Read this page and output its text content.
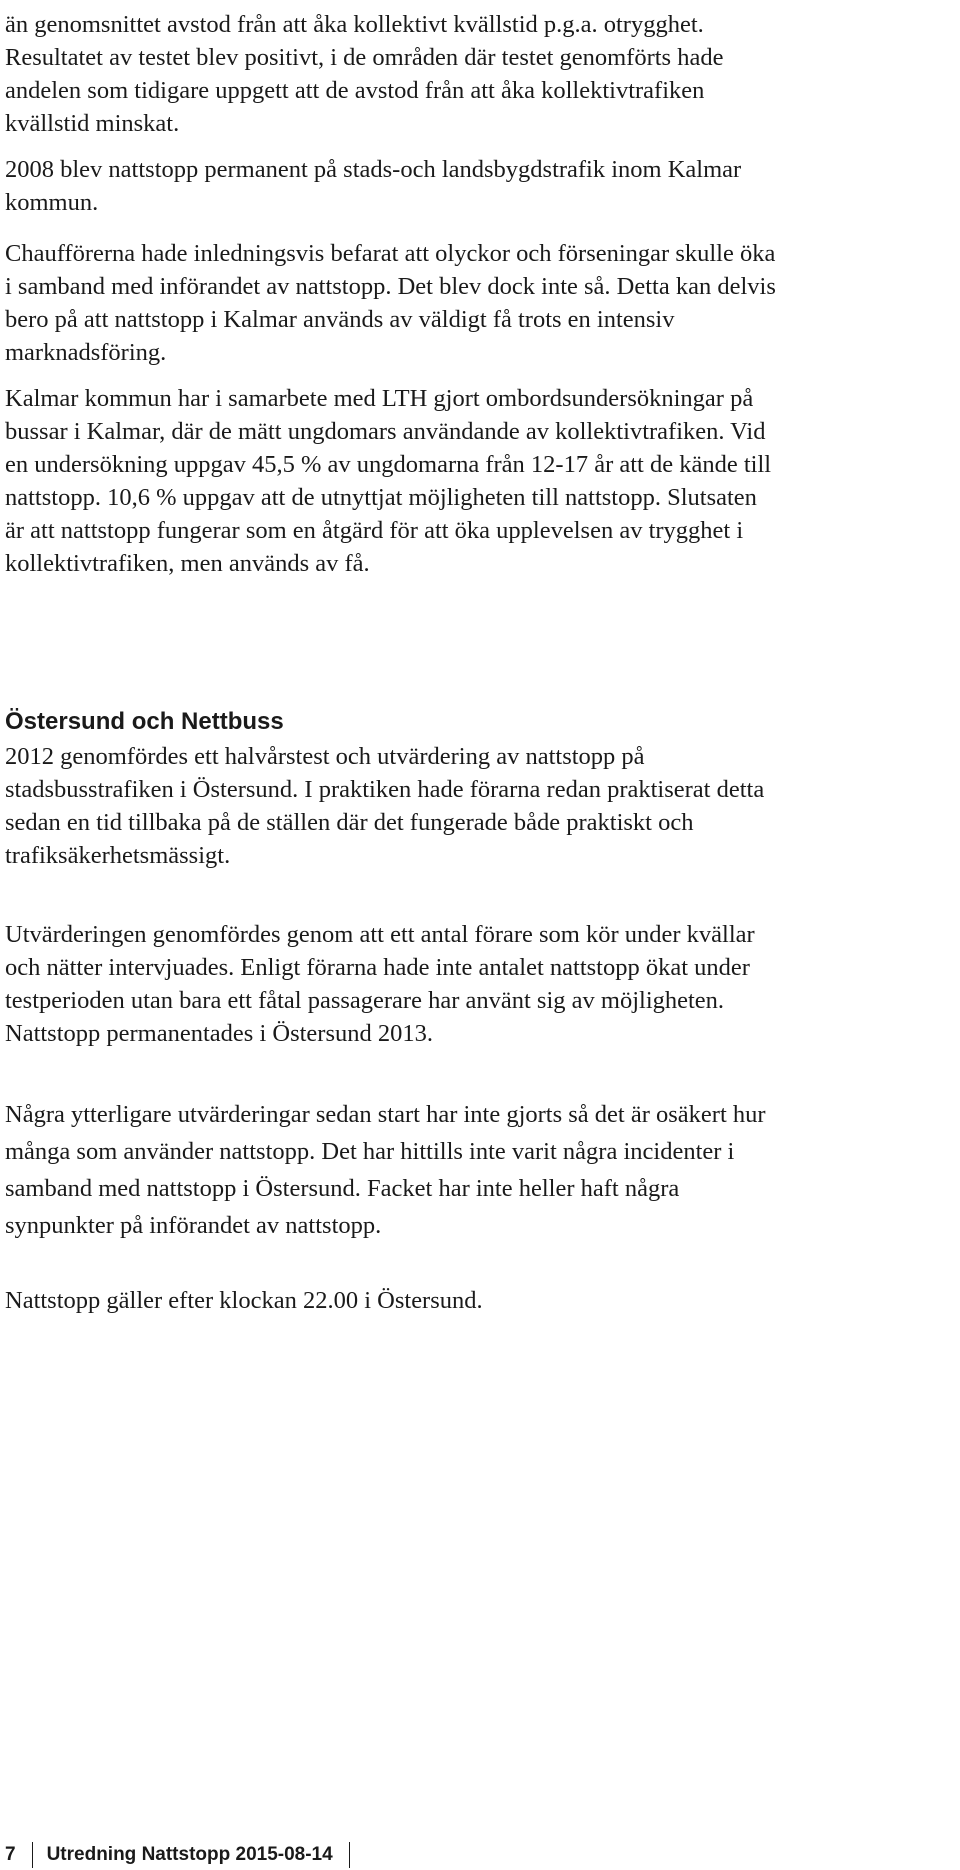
än genomsnittet avstod från att åka kollektivt kvällstid p.g.a. otrygghet.
Resultatet av testet blev positivt, i de områden där testet genomförts hade
andelen som tidigare uppgett att de avstod från att åka kollektivtrafiken
kvällstid minskat.

2008 blev nattstopp permanent på stads-och landsbygdstrafik inom Kalmar
kommun.

Chaufförerna hade inledningsvis befarat att olyckor och förseningar skulle öka
i samband med införandet av nattstopp. Det blev dock inte så. Detta kan delvis
bero på att nattstopp i Kalmar används av väldigt få trots en intensiv
marknadsföring.

Kalmar kommun har i samarbete med LTH gjort ombordsundersökningar på
bussar i Kalmar, där de mätt ungdomars användande av kollektivtrafiken. Vid
en undersökning uppgav 45,5 % av ungdomarna från 12-17 år att de kände till
nattstopp. 10,6 % uppgav att de utnyttjat möjligheten till nattstopp. Slutsaten
är att nattstopp fungerar som en åtgärd för att öka upplevelsen av trygghet i
kollektivtrafiken, men används av få.

Östersund och Nettbuss

2012 genomfördes ett halvårstest och utvärdering av nattstopp på
stadsbusstrafiken i Östersund. I praktiken hade förarna redan praktiserat detta
sedan en tid tillbaka på de ställen där det fungerade både praktiskt och
trafiksäkerhetsmässigt.

Utvärderingen genomfördes genom att ett antal förare som kör under kvällar
och nätter intervjuades. Enligt förarna hade inte antalet nattstopp ökat under
testperioden utan bara ett fåtal passagerare har använt sig av möjligheten.
Nattstopp permanentades i Östersund 2013.

Några ytterligare utvärderingar sedan start har inte gjorts så det är osäkert hur
många som använder nattstopp. Det har hittills inte varit några incidenter i
samband med nattstopp i Östersund. Facket har inte heller haft några
synpunkter på införandet av nattstopp.

Nattstopp gäller efter klockan 22.00 i Östersund.

7 Utredning Nattstopp 2015-08-14
